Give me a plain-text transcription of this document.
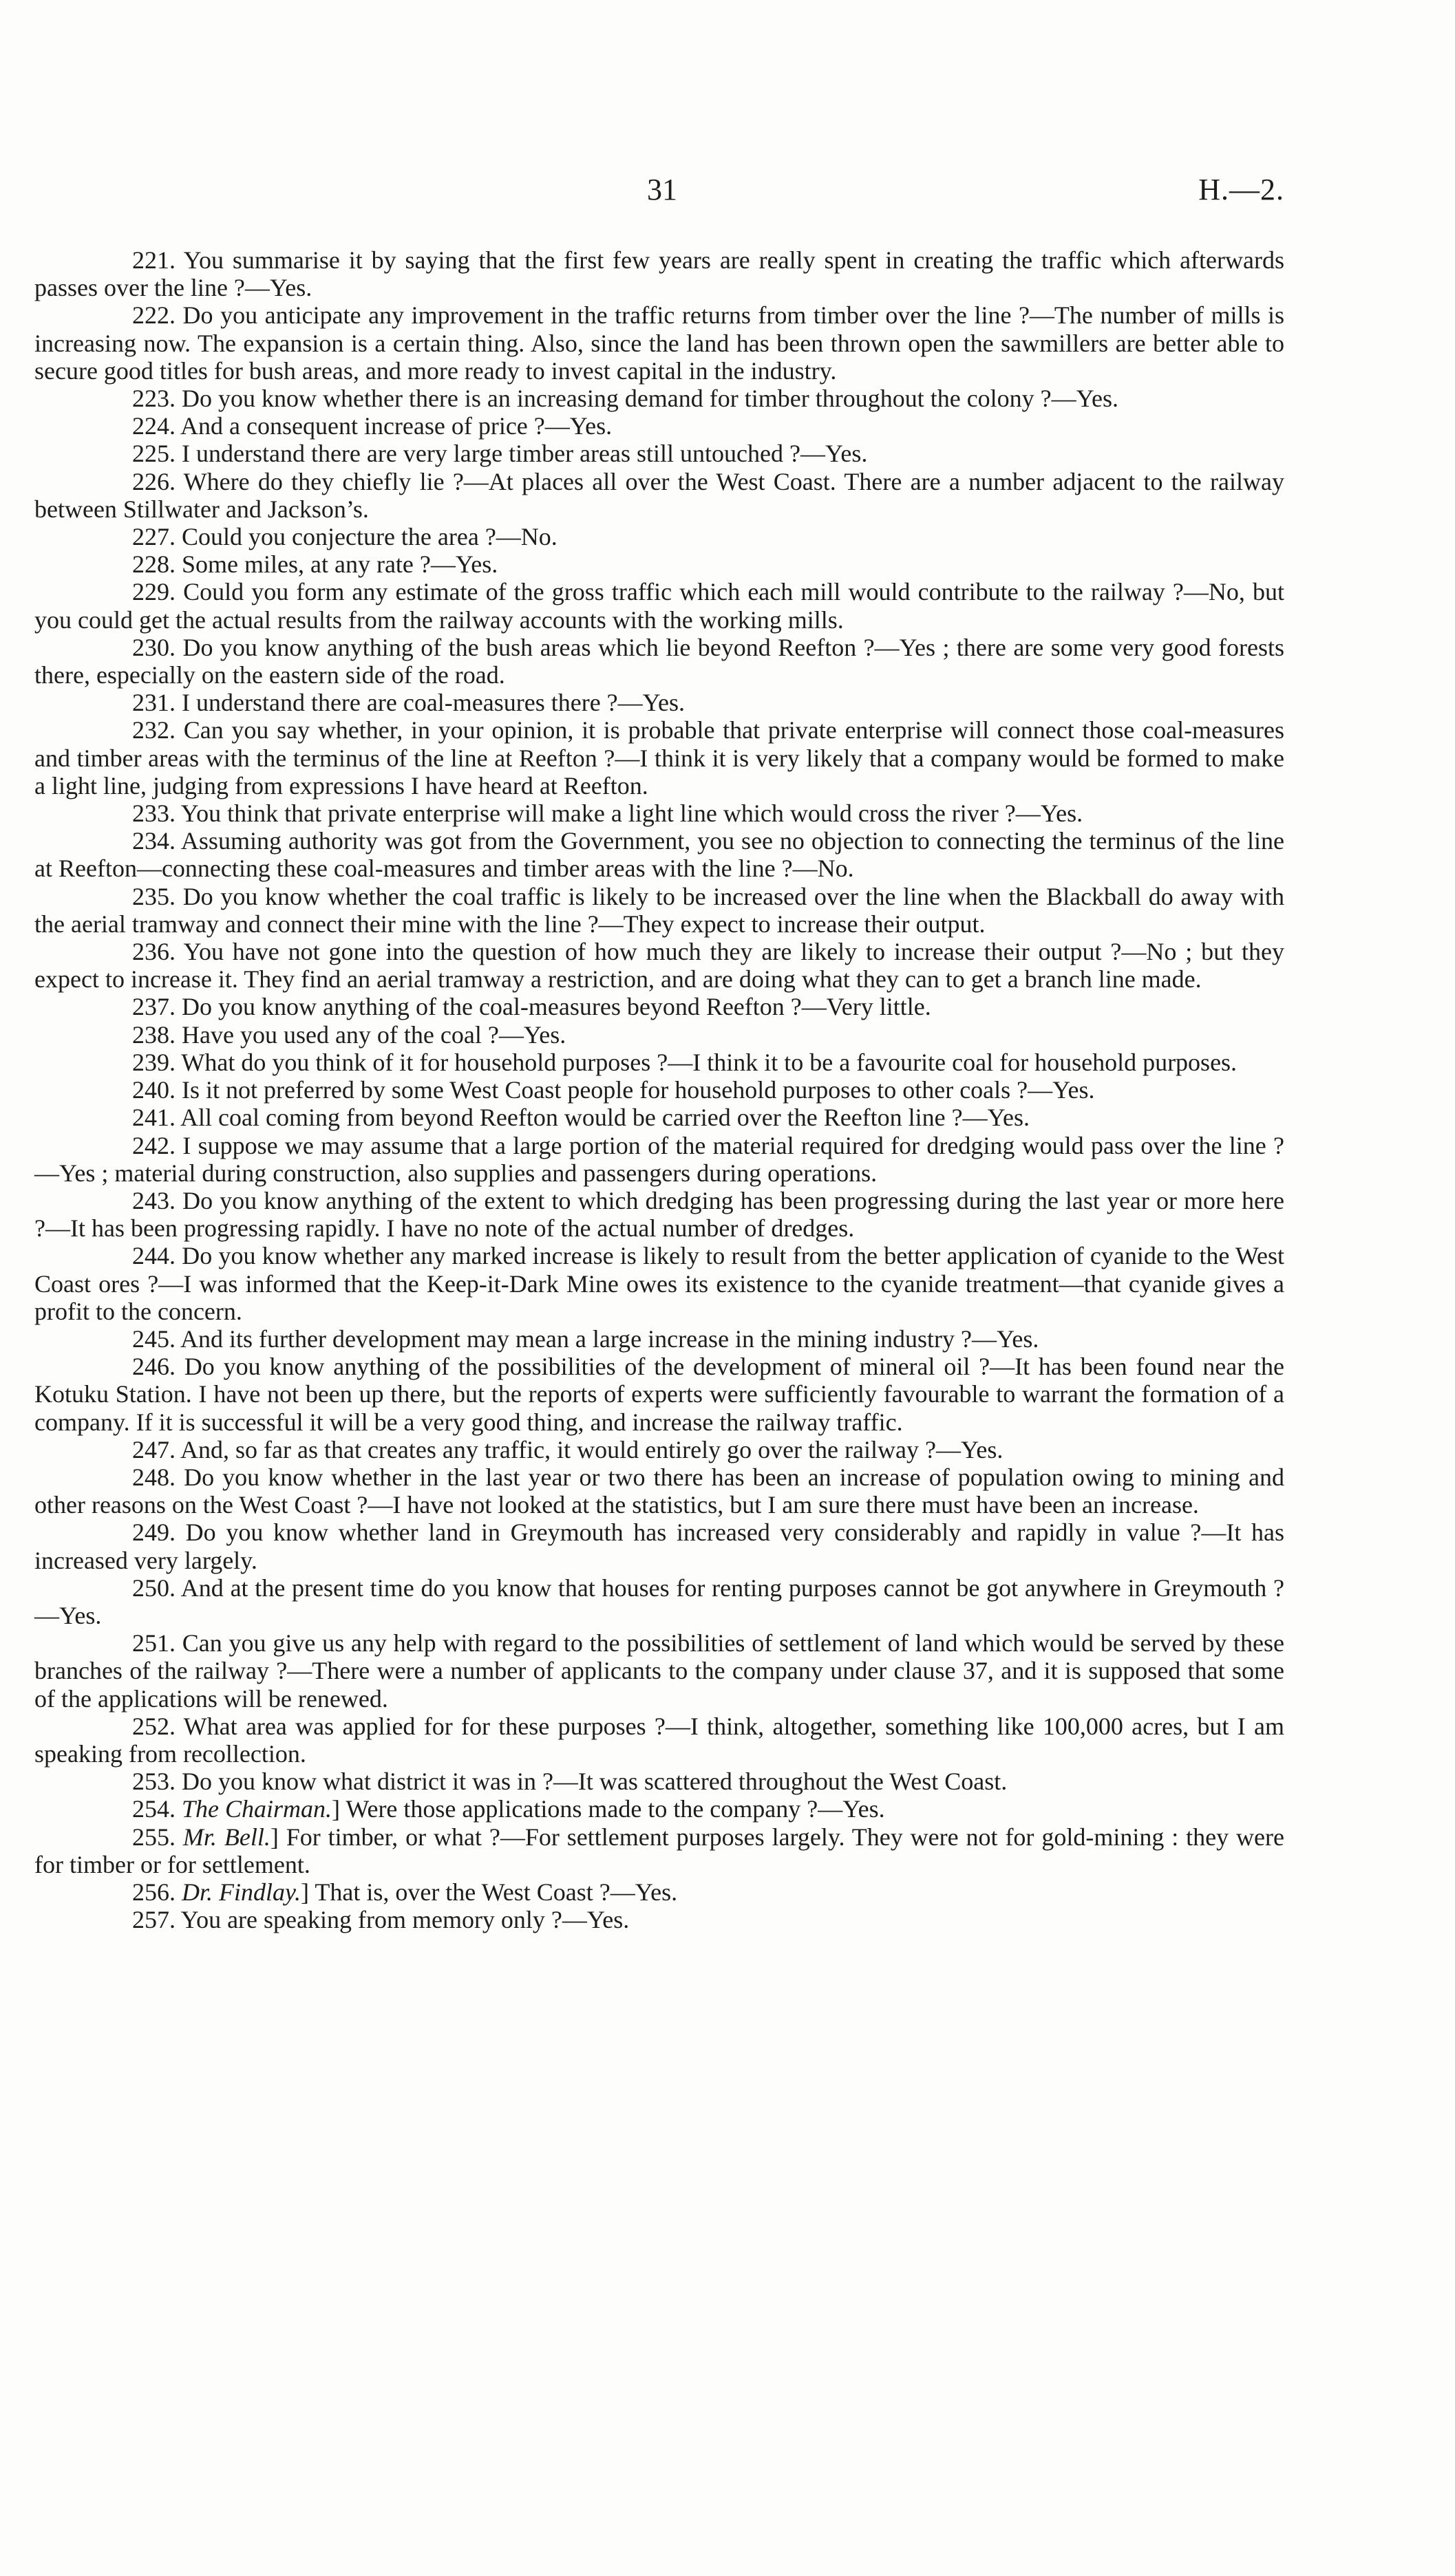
31	H.—2.

221. You summarise it by saying that the first few years are really spent in creating the traffic which afterwards passes over the line ?—Yes.

222. Do you anticipate any improvement in the traffic returns from timber over the line ?—The number of mills is increasing now. The expansion is a certain thing. Also, since the land has been thrown open the sawmillers are better able to secure good titles for bush areas, and more ready to invest capital in the industry.

223. Do you know whether there is an increasing demand for timber throughout the colony ?—Yes.

224. And a consequent increase of price ?—Yes.

225. I understand there are very large timber areas still untouched ?—Yes.

226. Where do they chiefly lie ?—At places all over the West Coast. There are a number adjacent to the railway between Stillwater and Jackson’s.

227. Could you conjecture the area ?—No.

228. Some miles, at any rate ?—Yes.

229. Could you form any estimate of the gross traffic which each mill would contribute to the railway ?—No, but you could get the actual results from the railway accounts with the working mills.

230. Do you know anything of the bush areas which lie beyond Reefton ?—Yes ; there are some very good forests there, especially on the eastern side of the road.

231. I understand there are coal-measures there ?—Yes.

232. Can you say whether, in your opinion, it is probable that private enterprise will connect those coal-measures and timber areas with the terminus of the line at Reefton ?—I think it is very likely that a company would be formed to make a light line, judging from expressions I have heard at Reefton.

233. You think that private enterprise will make a light line which would cross the river ?—Yes.

234. Assuming authority was got from the Government, you see no objection to connecting the terminus of the line at Reefton—connecting these coal-measures and timber areas with the line ?—No.

235. Do you know whether the coal traffic is likely to be increased over the line when the Blackball do away with the aerial tramway and connect their mine with the line ?—They expect to increase their output.

236. You have not gone into the question of how much they are likely to increase their output ?—No ; but they expect to increase it. They find an aerial tramway a restriction, and are doing what they can to get a branch line made.

237. Do you know anything of the coal-measures beyond Reefton ?—Very little.

238. Have you used any of the coal ?—Yes.

239. What do you think of it for household purposes ?—I think it to be a favourite coal for household purposes.

240. Is it not preferred by some West Coast people for household purposes to other coals ?—Yes.

241. All coal coming from beyond Reefton would be carried over the Reefton line ?—Yes.

242. I suppose we may assume that a large portion of the material required for dredging would pass over the line ?—Yes ; material during construction, also supplies and passengers during operations.

243. Do you know anything of the extent to which dredging has been progressing during the last year or more here ?—It has been progressing rapidly. I have no note of the actual number of dredges.

244. Do you know whether any marked increase is likely to result from the better application of cyanide to the West Coast ores ?—I was informed that the Keep-it-Dark Mine owes its existence to the cyanide treatment—that cyanide gives a profit to the concern.

245. And its further development may mean a large increase in the mining industry ?—Yes.

246. Do you know anything of the possibilities of the development of mineral oil ?—It has been found near the Kotuku Station. I have not been up there, but the reports of experts were sufficiently favourable to warrant the formation of a company. If it is successful it will be a very good thing, and increase the railway traffic.

247. And, so far as that creates any traffic, it would entirely go over the railway ?—Yes.

248. Do you know whether in the last year or two there has been an increase of population owing to mining and other reasons on the West Coast ?—I have not looked at the statistics, but I am sure there must have been an increase.

249. Do you know whether land in Greymouth has increased very considerably and rapidly in value ?—It has increased very largely.

250. And at the present time do you know that houses for renting purposes cannot be got anywhere in Greymouth ?—Yes.

251. Can you give us any help with regard to the possibilities of settlement of land which would be served by these branches of the railway ?—There were a number of applicants to the company under clause 37, and it is supposed that some of the applications will be renewed.

252. What area was applied for for these purposes ?—I think, altogether, something like 100,000 acres, but I am speaking from recollection.

253. Do you know what district it was in ?—It was scattered throughout the West Coast.

254. The Chairman.] Were those applications made to the company ?—Yes.

255. Mr. Bell.] For timber, or what ?—For settlement purposes largely. They were not for gold-mining : they were for timber or for settlement.

256. Dr. Findlay.] That is, over the West Coast ?—Yes.

257. You are speaking from memory only ?—Yes.
